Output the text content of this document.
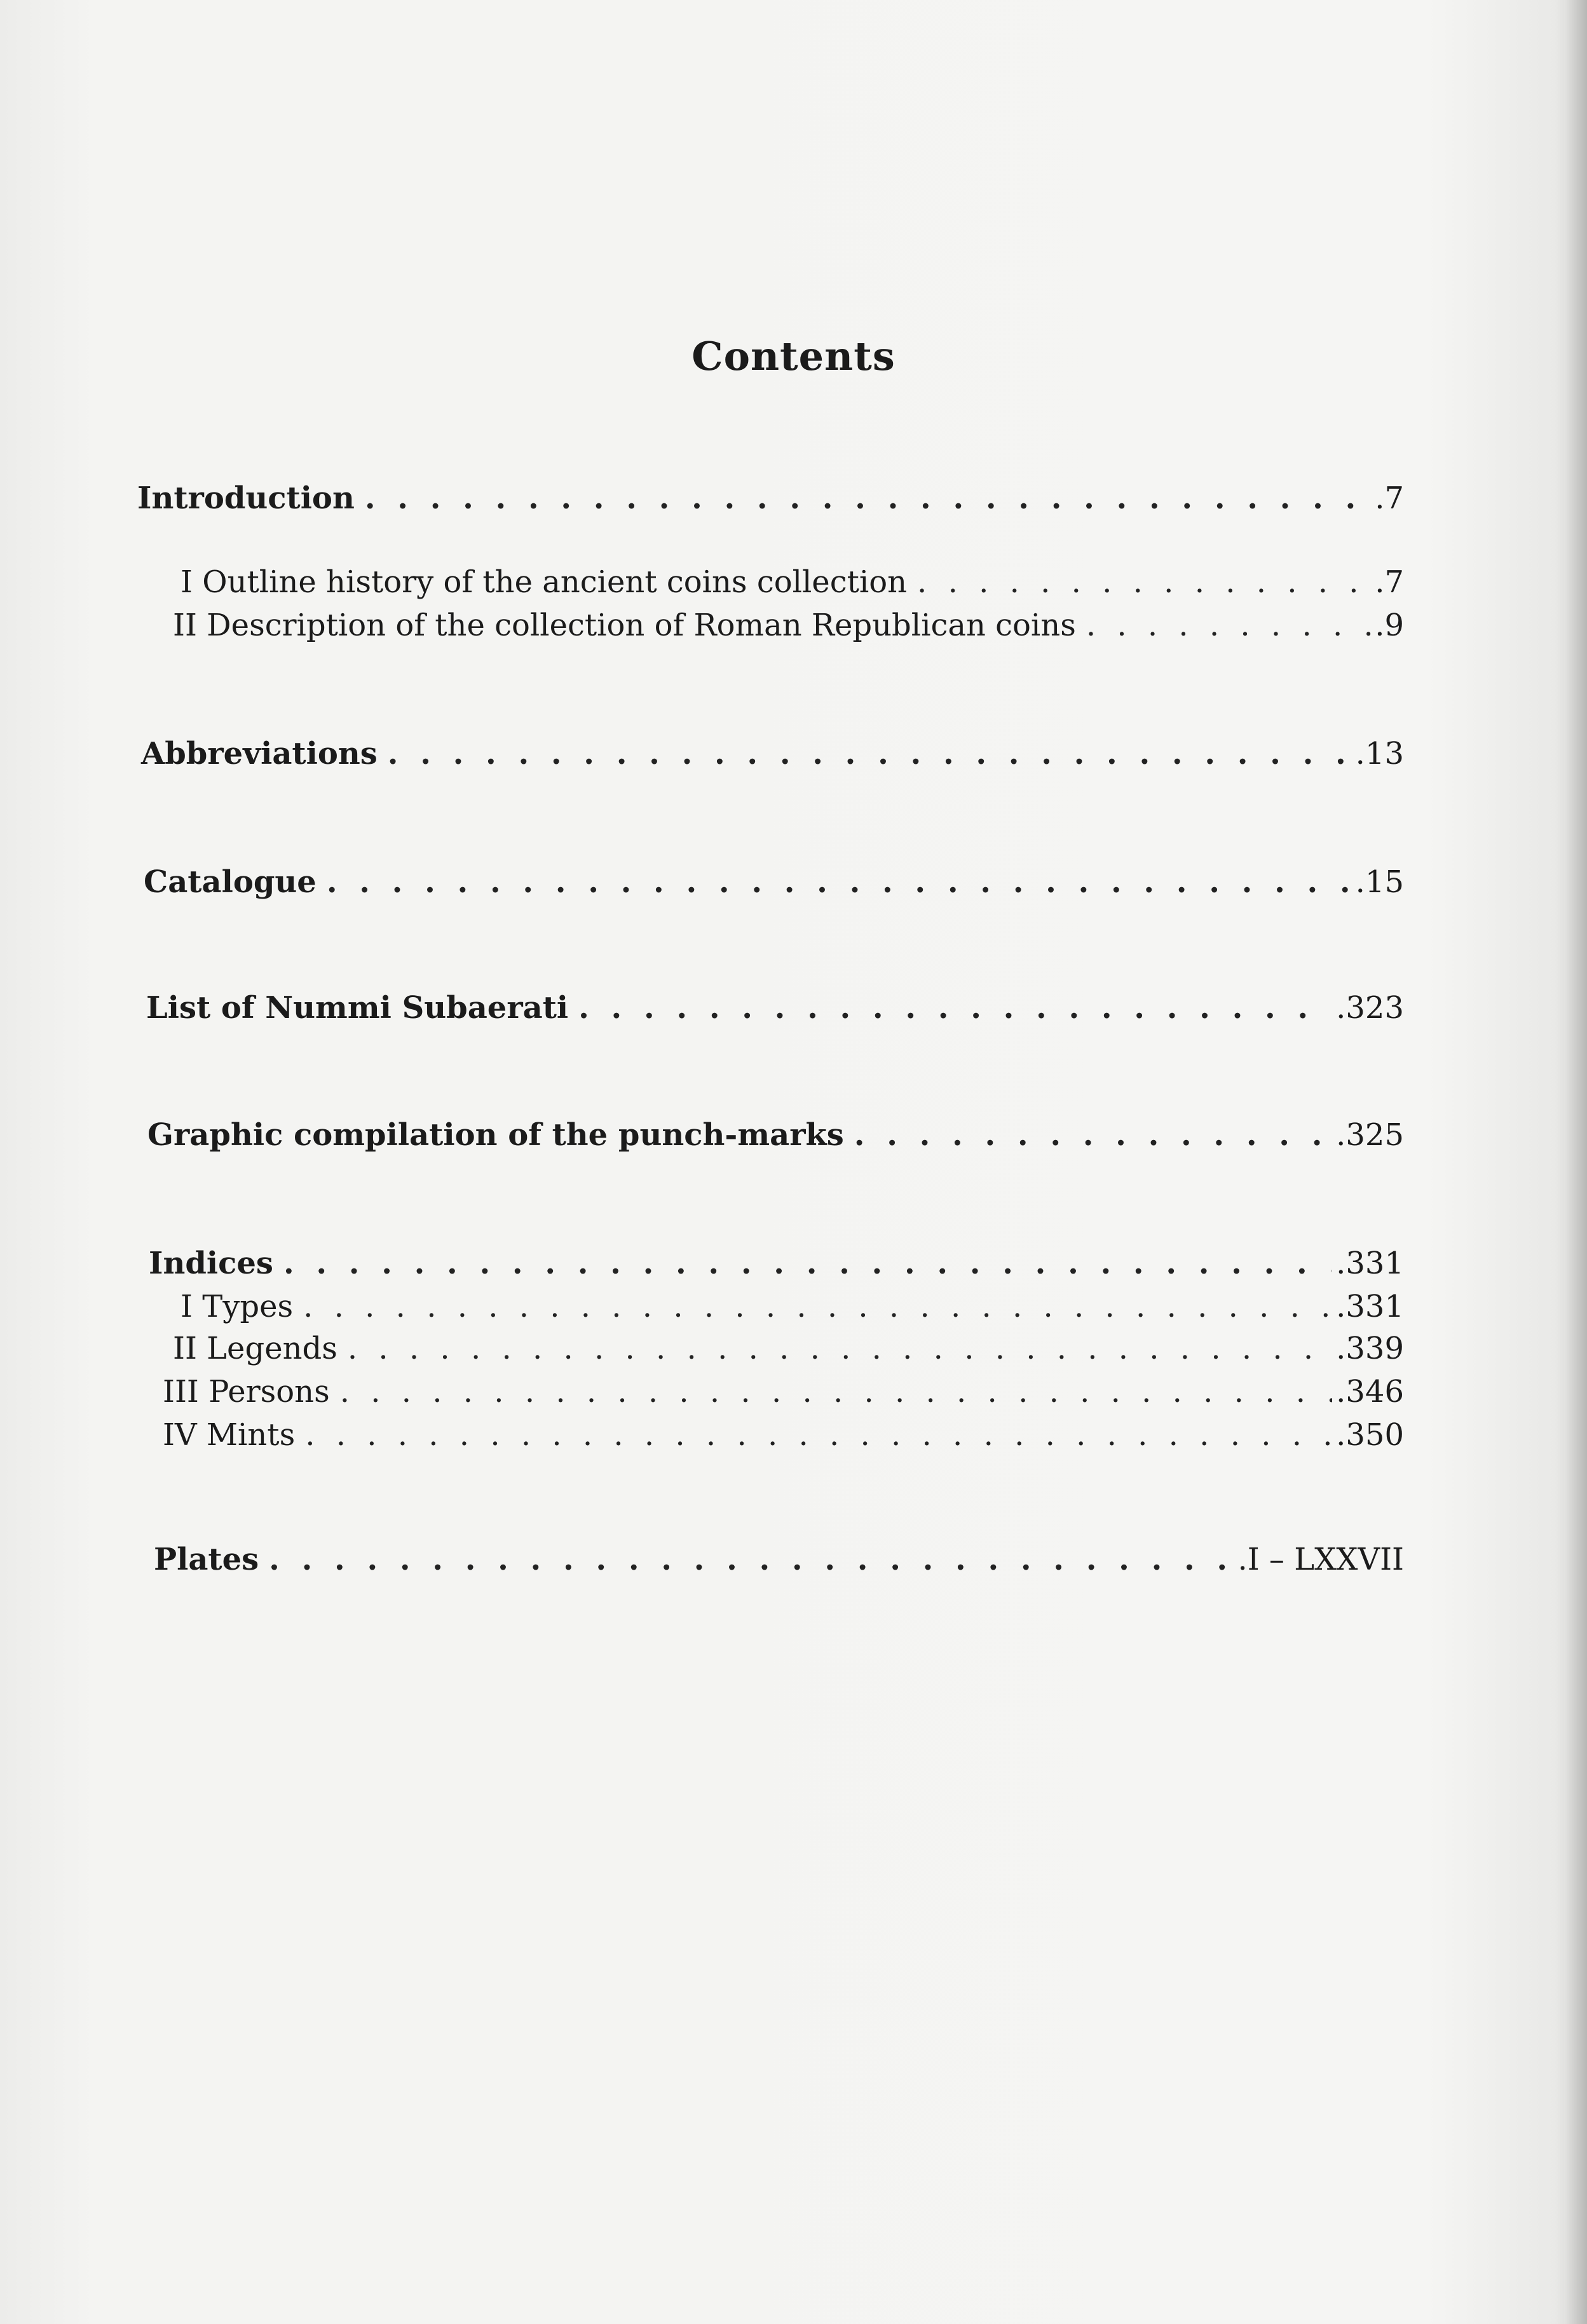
Contents
Introduction . . .	.7
I Outline history of the ancient coins collection . . .	.7
II Description of the collection of Roman Republican coins . . .	.9
Abbreviations . . .	.13
Catalogue . . .	.15
List of Nummi Subaerati . . .	.323
Graphic compilation of the punch-marks . . .	.325
Indices . . .	.331
I Types . . .	.331
II Legends . . .	.339
III Persons . . .	.346
IV Mints . . .	.350
Plates . . .	.I – LXXVII
